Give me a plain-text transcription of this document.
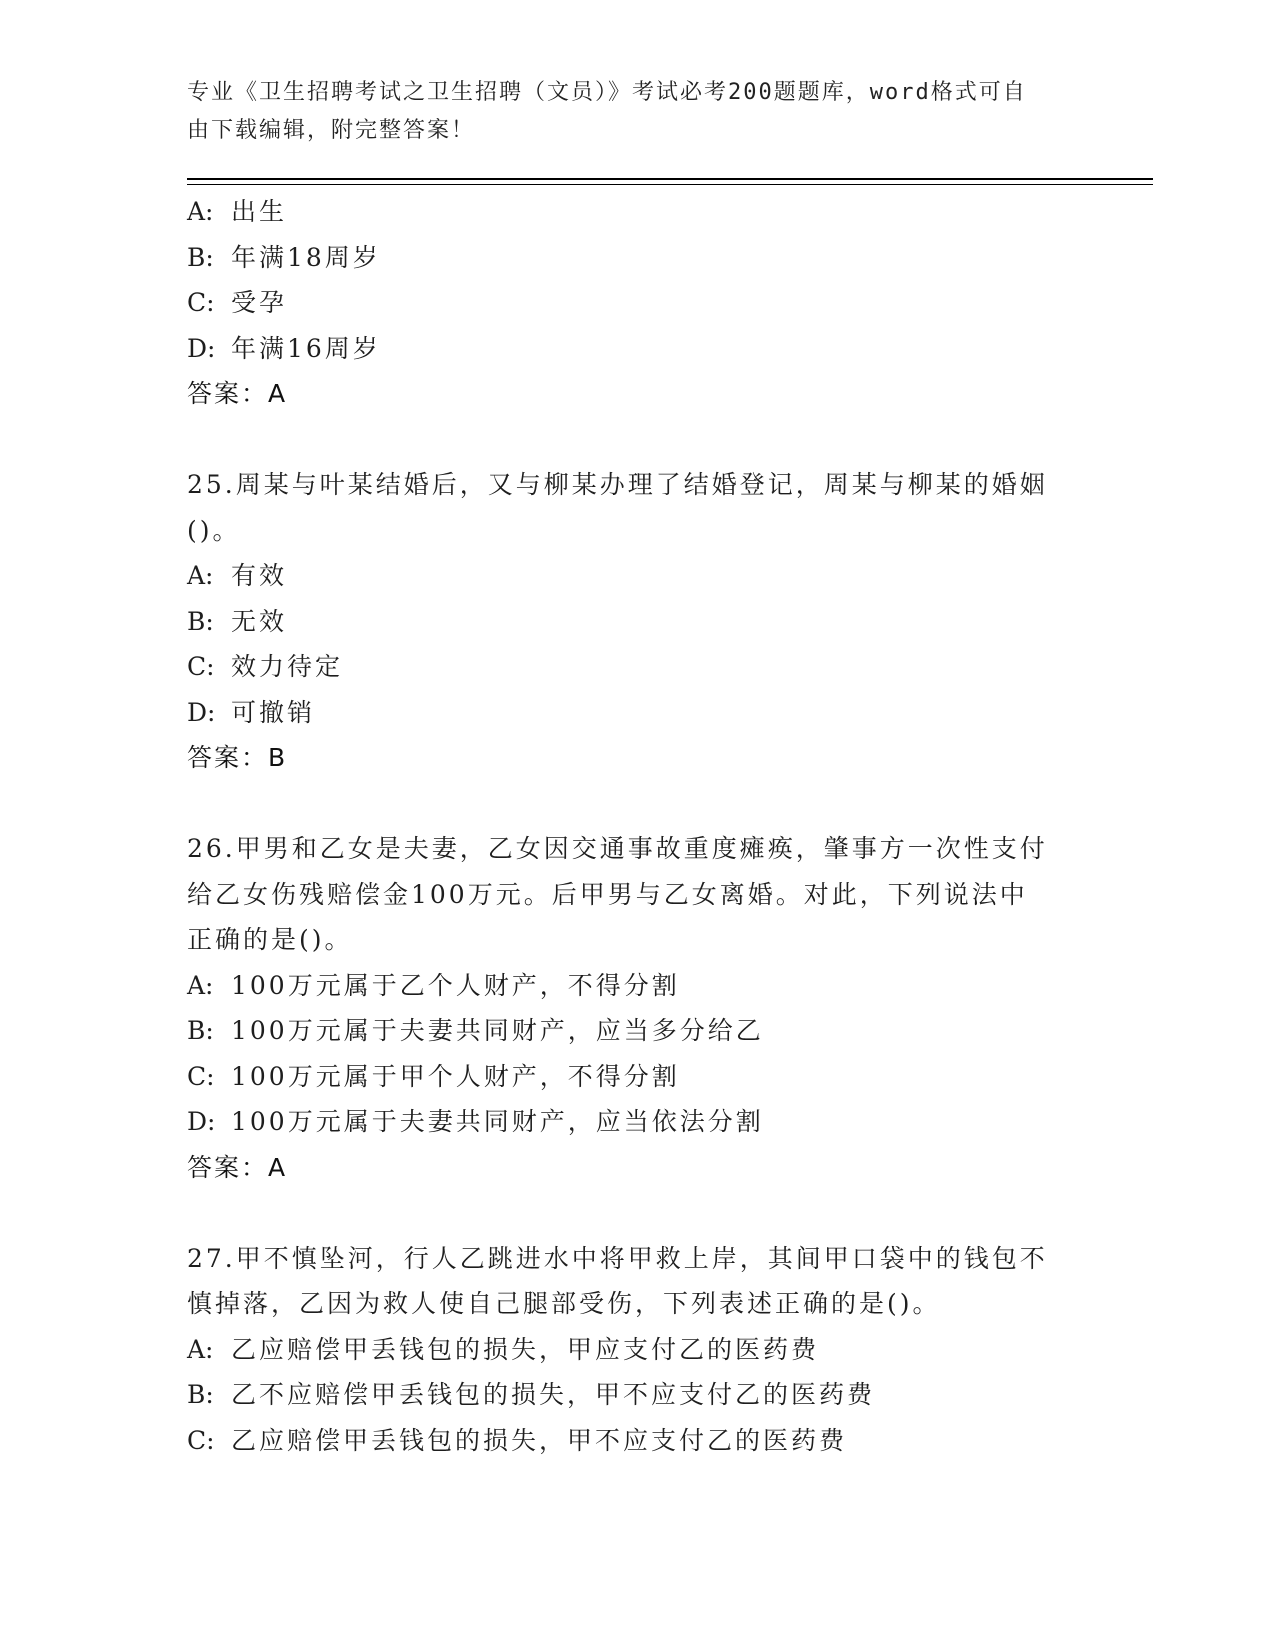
专业《卫生招聘考试之卫生招聘（文员）》考试必考200题题库，word格式可自
由下载编辑，附完整答案！
A: 出生
B: 年满18周岁
C: 受孕
D: 年满16周岁
答案：A
25.周某与叶某结婚后，又与柳某办理了结婚登记，周某与柳某的婚姻
()。
A: 有效
B: 无效
C: 效力待定
D: 可撤销
答案：B
26.甲男和乙女是夫妻，乙女因交通事故重度瘫痪，肇事方一次性支付
给乙女伤残赔偿金100万元。后甲男与乙女离婚。对此，下列说法中
正确的是()。
A: 100万元属于乙个人财产，不得分割
B: 100万元属于夫妻共同财产，应当多分给乙
C: 100万元属于甲个人财产，不得分割
D: 100万元属于夫妻共同财产，应当依法分割
答案：A
27.甲不慎坠河，行人乙跳进水中将甲救上岸，其间甲口袋中的钱包不
慎掉落，乙因为救人使自己腿部受伤，下列表述正确的是()。
A: 乙应赔偿甲丢钱包的损失，甲应支付乙的医药费
B: 乙不应赔偿甲丢钱包的损失，甲不应支付乙的医药费
C: 乙应赔偿甲丢钱包的损失，甲不应支付乙的医药费
